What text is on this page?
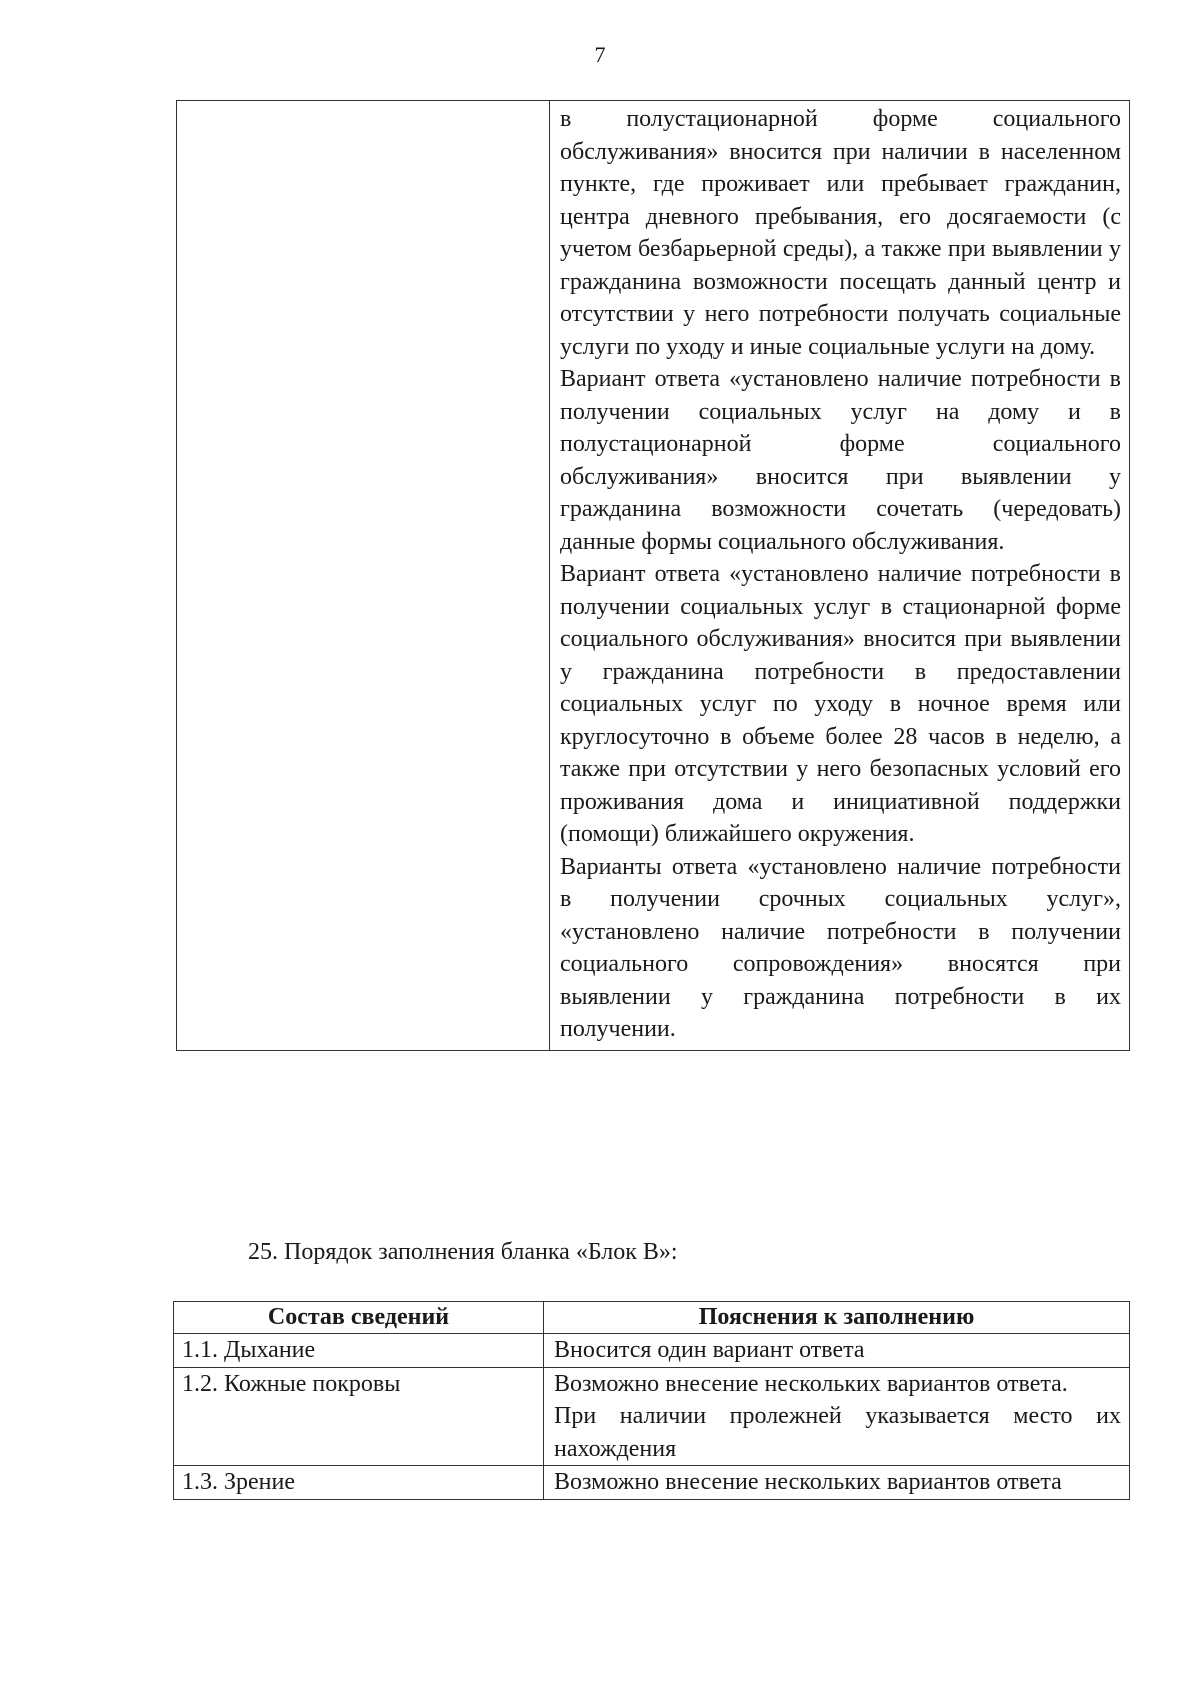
7

в полустационарной форме социального обслуживания» вносится при наличии в населенном пункте, где проживает или пребывает гражданин, центра дневного пребывания, его досягаемости (с учетом безбарьерной среды), а также при выявлении у гражданина возможности посещать данный центр и отсутствии у него потребности получать социальные услуги по уходу и иные социальные услуги на дому.

Вариант ответа «установлено наличие потребности в получении социальных услуг на дому и в полустационарной форме социального обслуживания» вносится при выявлении у гражданина возможности сочетать (чередовать) данные формы социального обслуживания.

Вариант ответа «установлено наличие потребности в получении социальных услуг в стационарной форме социального обслуживания» вносится при выявлении у гражданина потребности в предоставлении социальных услуг по уходу в ночное время или круглосуточно в объеме более 28 часов в неделю, а также при отсутствии у него безопасных условий его проживания дома и инициативной поддержки (помощи) ближайшего окружения.

Варианты ответа «установлено наличие потребности в получении срочных социальных услуг», «установлено наличие потребности в получении социального сопровождения» вносятся при выявлении у гражданина потребности в их получении.

25. Порядок заполнения бланка «Блок В»:
Состав сведений	Пояснения к заполнению
1.1. Дыхание	Вносится один вариант ответа

1.2. Кожные покровы	Возможно внесение нескольких вариантов ответа.

При наличии пролежней указывается место их нахождения

1.3. Зрение	Возможно внесение нескольких вариантов ответа
